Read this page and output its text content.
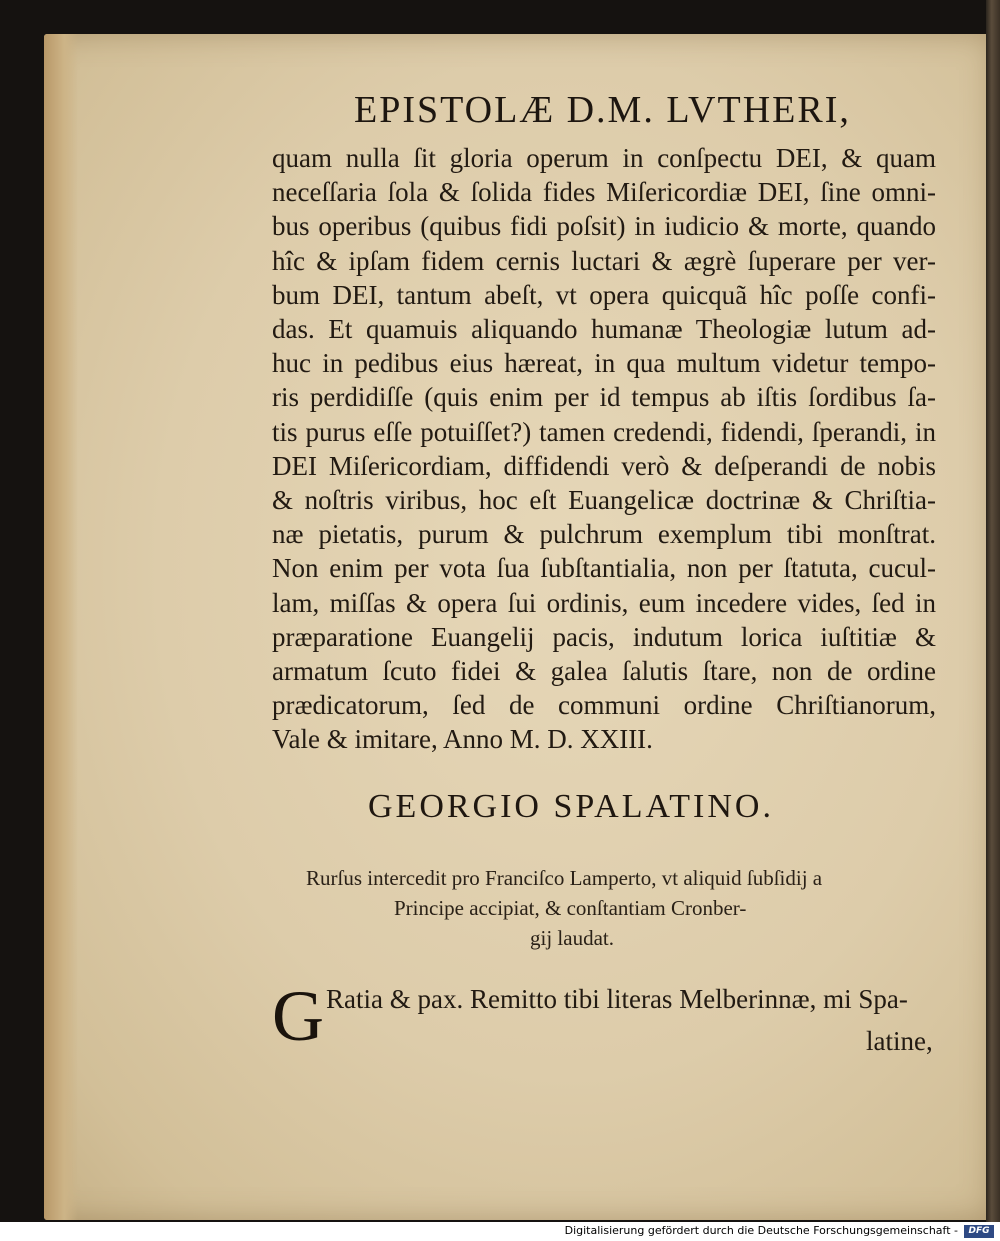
EPISTOLÆ D.M. LVTHERI,
quam nulla ſit gloria operum in conſpectu DEI, & quam
neceſſaria ſola & ſolida fides Miſericordiæ DEI, ſine omni-
bus operibus (quibus fidi poſsit) in iudicio & morte, quando
hîc & ipſam fidem cernis luctari & ægrè ſuperare per ver-
bum DEI, tantum abeſt, vt opera quicquã hîc poſſe confi-
das. Et quamuis aliquando humanæ Theologiæ lutum ad-
huc in pedibus eius hæreat, in qua multum videtur tempo-
ris perdidiſſe (quis enim per id tempus ab iſtis ſordibus ſa-
tis purus eſſe potuiſſet?) tamen credendi, fidendi, ſperandi, in
DEI Miſericordiam, diffidendi verò & deſperandi de nobis
& noſtris viribus, hoc eſt Euangelicæ doctrinæ & Chriſtia-
næ pietatis, purum & pulchrum exemplum tibi monſtrat.
Non enim per vota ſua ſubſtantialia, non per ſtatuta, cucul-
lam, miſſas & opera ſui ordinis, eum incedere vides, ſed in
præparatione Euangelij pacis, indutum lorica iuſtitiæ &
armatum ſcuto fidei & galea ſalutis ſtare, non de ordine
prædicatorum, ſed de communi ordine Chriſtianorum,
Vale & imitare, Anno M. D. XXIII.
GEORGIO SPALATINO.
Rurſus intercedit pro Franciſco Lamperto, vt aliquid ſubſidij a
Principe accipiat, & conſtantiam Cronber-
gij laudat.
G Ratia & pax. Remitto tibi literas Melberinnæ, mi Spa-
latine,
Digitalisierung gefördert durch die Deutsche Forschungsgemeinschaft -	DFG
